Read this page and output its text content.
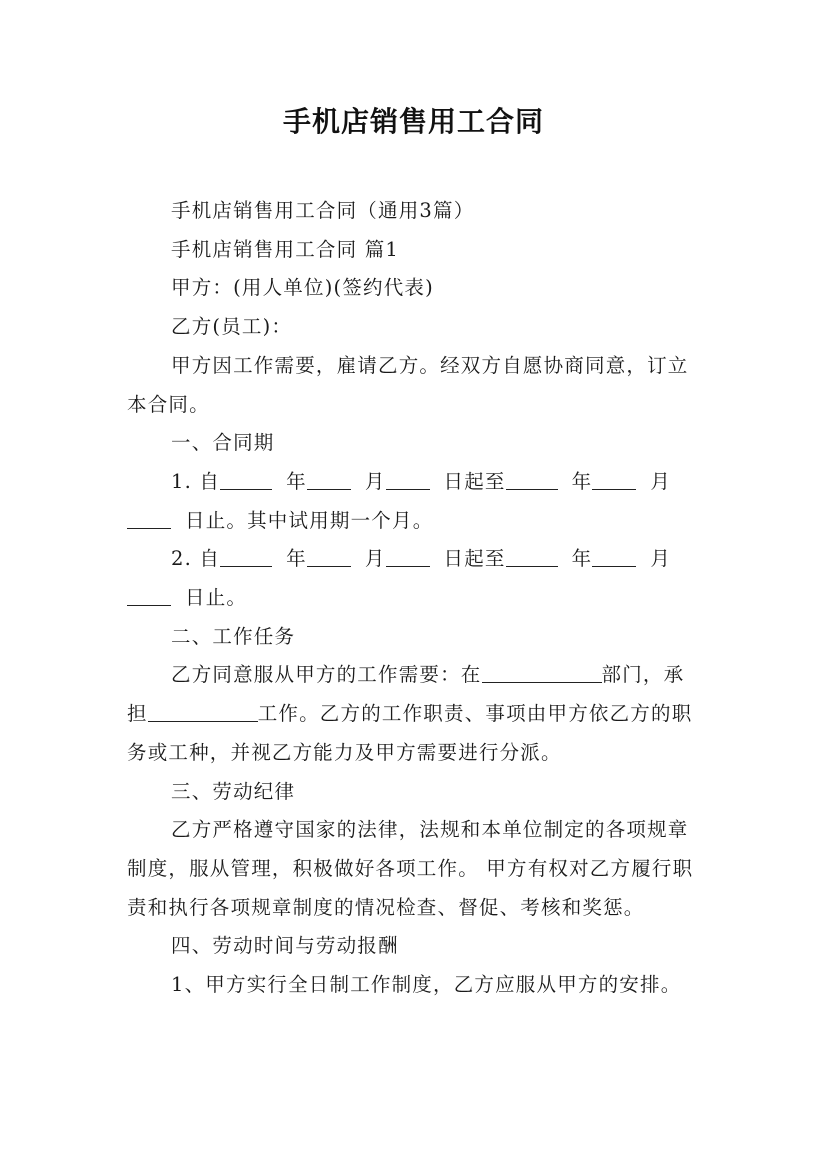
手机店销售用工合同

手机店销售用工合同（通用3篇）

手机店销售用工合同 篇1

甲方：(用人单位)(签约代表)

乙方(员工)：

甲方因工作需要，雇请乙方。经双方自愿协商同意，订立本合同。

一、合同期

1. 自	年	月	日起至	年	月 日止。其中试用期一个月。

2. 自	年	月	日起至	年	月 日止。

二、工作任务

乙方同意服从甲方的工作需要：在	部门，承担	工作。乙方的工作职责、事项由甲方依乙方的职务或工种，并视乙方能力及甲方需要进行分派。

三、劳动纪律

乙方严格遵守国家的法律，法规和本单位制定的各项规章制度，服从管理，积极做好各项工作。 甲方有权对乙方履行职责和执行各项规章制度的情况检查、督促、考核和奖惩。

四、劳动时间与劳动报酬

1、甲方实行全日制工作制度，乙方应服从甲方的安排。
